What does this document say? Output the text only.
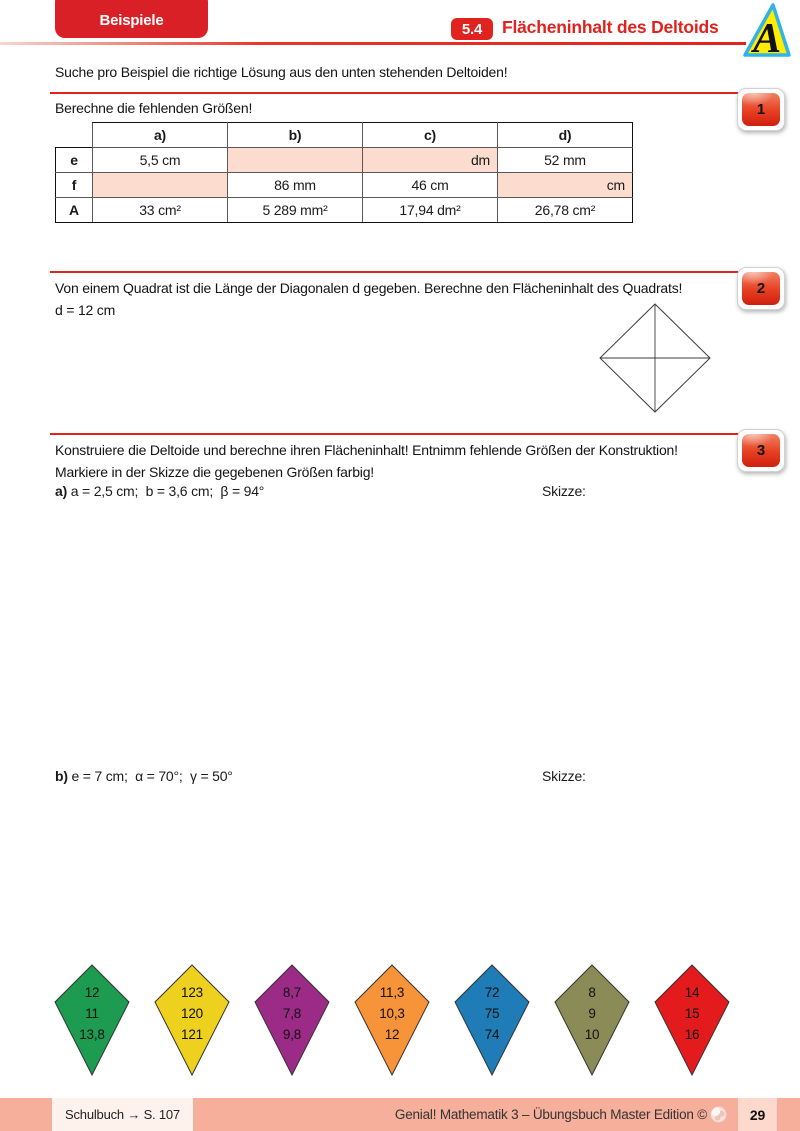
Beispiele
5.4 Flächeninhalt des Deltoids A

Suche pro Beispiel die richtige Lösung aus den unten stehenden Deltoiden!

1

Berechne die fehlenden Größen!

	a)	b)	c)	d)
e	5,5 cm		dm	52 mm
f		86 mm	46 cm	cm
A	33 cm²	5 289 mm²	17,94 dm²	26,78 cm²
2

Von einem Quadrat ist die Länge der Diagonalen d gegeben. Berechne den Flächeninhalt des Quadrats!
d = 12 cm

3

Konstruiere die Deltoide und berechne ihren Flächeninhalt! Entnimm fehlende Größen der Konstruktion!
Markiere in der Skizze die gegebenen Größen farbig!

a) a = 2,5 cm;  b = 3,6 cm;  β = 94°	Skizze:
b) e = 7 cm;  α = 70°;  γ = 50°	Skizze:
12
11
13,8
123
120
121
8,7
7,8
9,8
11,3
10,3
12
72
75
74
8
9
10
14
15
16
Schulbuch → S. 107	Genial! Mathematik 3 – Übungsbuch Master Edition ©	29
